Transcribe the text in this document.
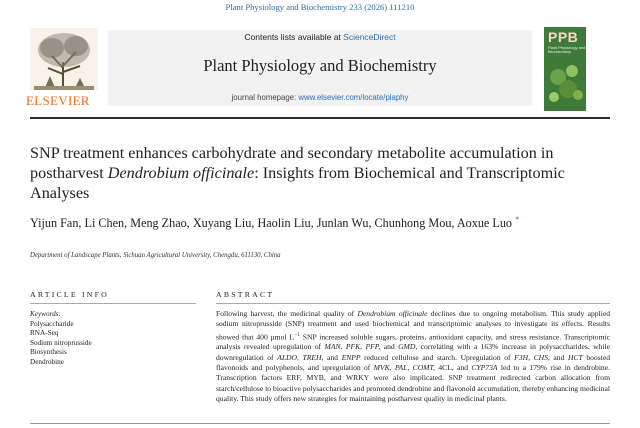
Plant Physiology and Biochemistry 233 (2026) 111210
ELSEVIER
Contents lists available at ScienceDirect
Plant Physiology and Biochemistry
journal homepage: www.elsevier.com/locate/plaphy
PPB
Plant Physiology and Biochemistry
SNP treatment enhances carbohydrate and secondary metabolite accumulation in postharvest Dendrobium officinale: Insights from Biochemical and Transcriptomic Analyses
Yijun Fan, Li Chen, Meng Zhao, Xuyang Liu, Haolin Liu, Junlan Wu, Chunhong Mou, Aoxue Luo *
Department of Landscape Plants, Sichuan Agricultural University, Chengdu, 611130, China
ARTICLE INFO	ABSTRACT
Keywords:
Polysaccharide
RNA-Seq
Sodium nitroprusside
Biosynthesis
Dendrobine
Following harvest, the medicinal quality of Dendrobium officinale declines due to ongoing metabolism. This study applied sodium nitroprusside (SNP) treatment and used biochemical and transcriptomic analyses to investigate its effects. Results showed that 400 μmol $L^{-1}$ SNP increased soluble sugars, proteins, antioxidant capacity, and stress resistance. Transcriptomic analysis revealed upregulation of MAN, PFK, PFP, and GMD, correlating with a 163% increase in polysaccharides, while downregulation of ALDO, TREH, and ENPP reduced cellulose and starch. Upregulation of F3H, CHS, and HCT boosted flavonoids and polyphenols, and upregulation of MVK, PAL, COMT, 4CL, and CYP73A led to a 179% rise in dendrobine. Transcription factors ERF, MYB, and WRKY were also implicated. SNP treatment redirected carbon allocation from starch/cellulose to bioactive polysaccharides and promoted dendrobine and flavonoid accumulation, thereby enhancing medicinal quality. This study offers new strategies for maintaining postharvest quality in medicinal plants.
